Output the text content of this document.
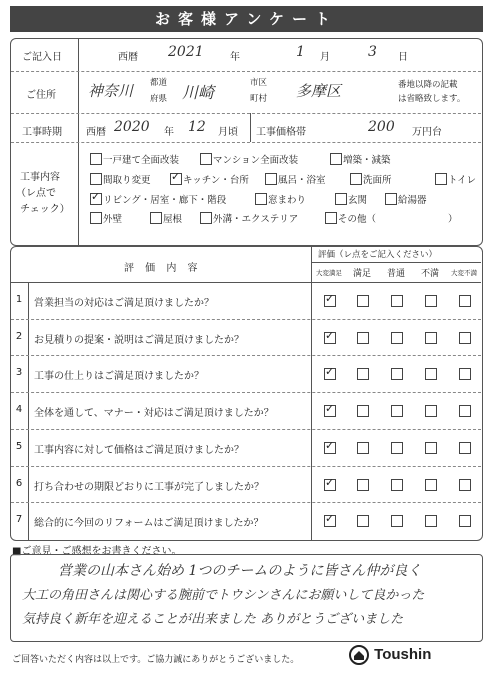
お客様アンケート
ご記入日	西暦 2021	年	1 月	3 日
ご住所 神奈川 都道
府県 川崎	市区
町村 多摩区	番地以降の記載
は省略致します。
工事時期 西暦 2020 年 12 月頃 工事価格帯	200 万円台
工事内容
（レ点で
チェック）
一戸建て全面改装	マンション全面改装	増築・減築
間取り変更
✓	キッチン・台所	風呂・浴室	洗面所	トイレ
✓
リビング・居室・廊下・階段	窓まわり	玄関	給湯器
外壁	屋根	外溝・エクステリア	その他（	）
評 価 内 容
評価（レ点をご記入ください）
大変満足	満足	普通	不満	大変不満
1 営業担当の対応はご満足頂けましたか？
✓
2 お見積りの提案・説明はご満足頂けましたか？
✓
3 工事の仕上りはご満足頂けましたか？
✓
4 全体を通して、マナー・対応はご満足頂けましたか？
✓
5 工事内容に対して価格はご満足頂けましたか？
✓
6 打ち合わせの期限どおりに工事が完了しましたか？
✓
7 総合的に今回のリフォームはご満足頂けましたか？
✓
■ご意見・ご感想をお書きください。
営業の山本さん始め 1つのチームのように皆さん仲が良く
大工の角田さんは関心する腕前でトウシンさんにお願いして良かった
気持良く新年を迎えることが出来ました ありがとうございました
ご回答いただく内容は以上です。ご協力誠にありがとうございました。	Toushin
